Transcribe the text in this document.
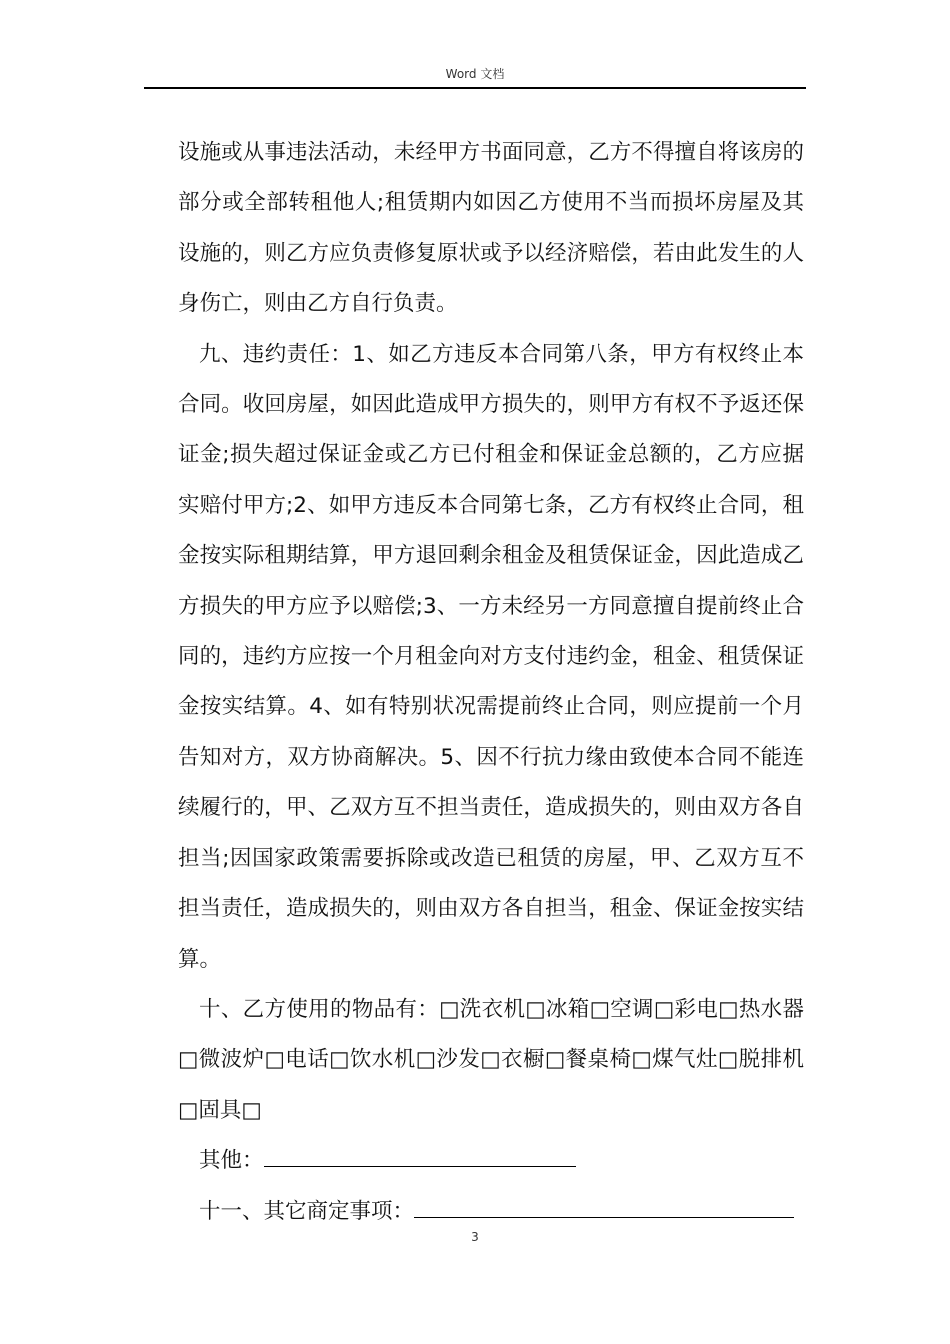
Word 文档

设施或从事违法活动，未经甲方书面同意，乙方不得擅自将该房的部分或全部转租他人;租赁期内如因乙方使用不当而损坏房屋及其设施的，则乙方应负责修复原状或予以经济赔偿，若由此发生的人身伤亡，则由乙方自行负责。

九、违约责任：1、如乙方违反本合同第八条，甲方有权终止本合同。收回房屋，如因此造成甲方损失的，则甲方有权不予返还保证金;损失超过保证金或乙方已付租金和保证金总额的，乙方应据实赔付甲方;2、如甲方违反本合同第七条，乙方有权终止合同，租金按实际租期结算，甲方退回剩余租金及租赁保证金，因此造成乙方损失的甲方应予以赔偿;3、一方未经另一方同意擅自提前终止合同的，违约方应按一个月租金向对方支付违约金，租金、租赁保证金按实结算。4、如有特别状况需提前终止合同，则应提前一个月告知对方，双方协商解决。5、因不行抗力缘由致使本合同不能连续履行的，甲、乙双方互不担当责任，造成损失的，则由双方各自担当;因国家政策需要拆除或改造已租赁的房屋，甲、乙双方互不担当责任，造成损失的，则由双方各自担当，租金、保证金按实结算。

十、乙方使用的物品有：□洗衣机□冰箱□空调□彩电□热水器□微波炉□电话□饮水机□沙发□衣橱□餐桌椅□煤气灶□脱排机□固具□

其他：

十一、其它商定事项：

3
